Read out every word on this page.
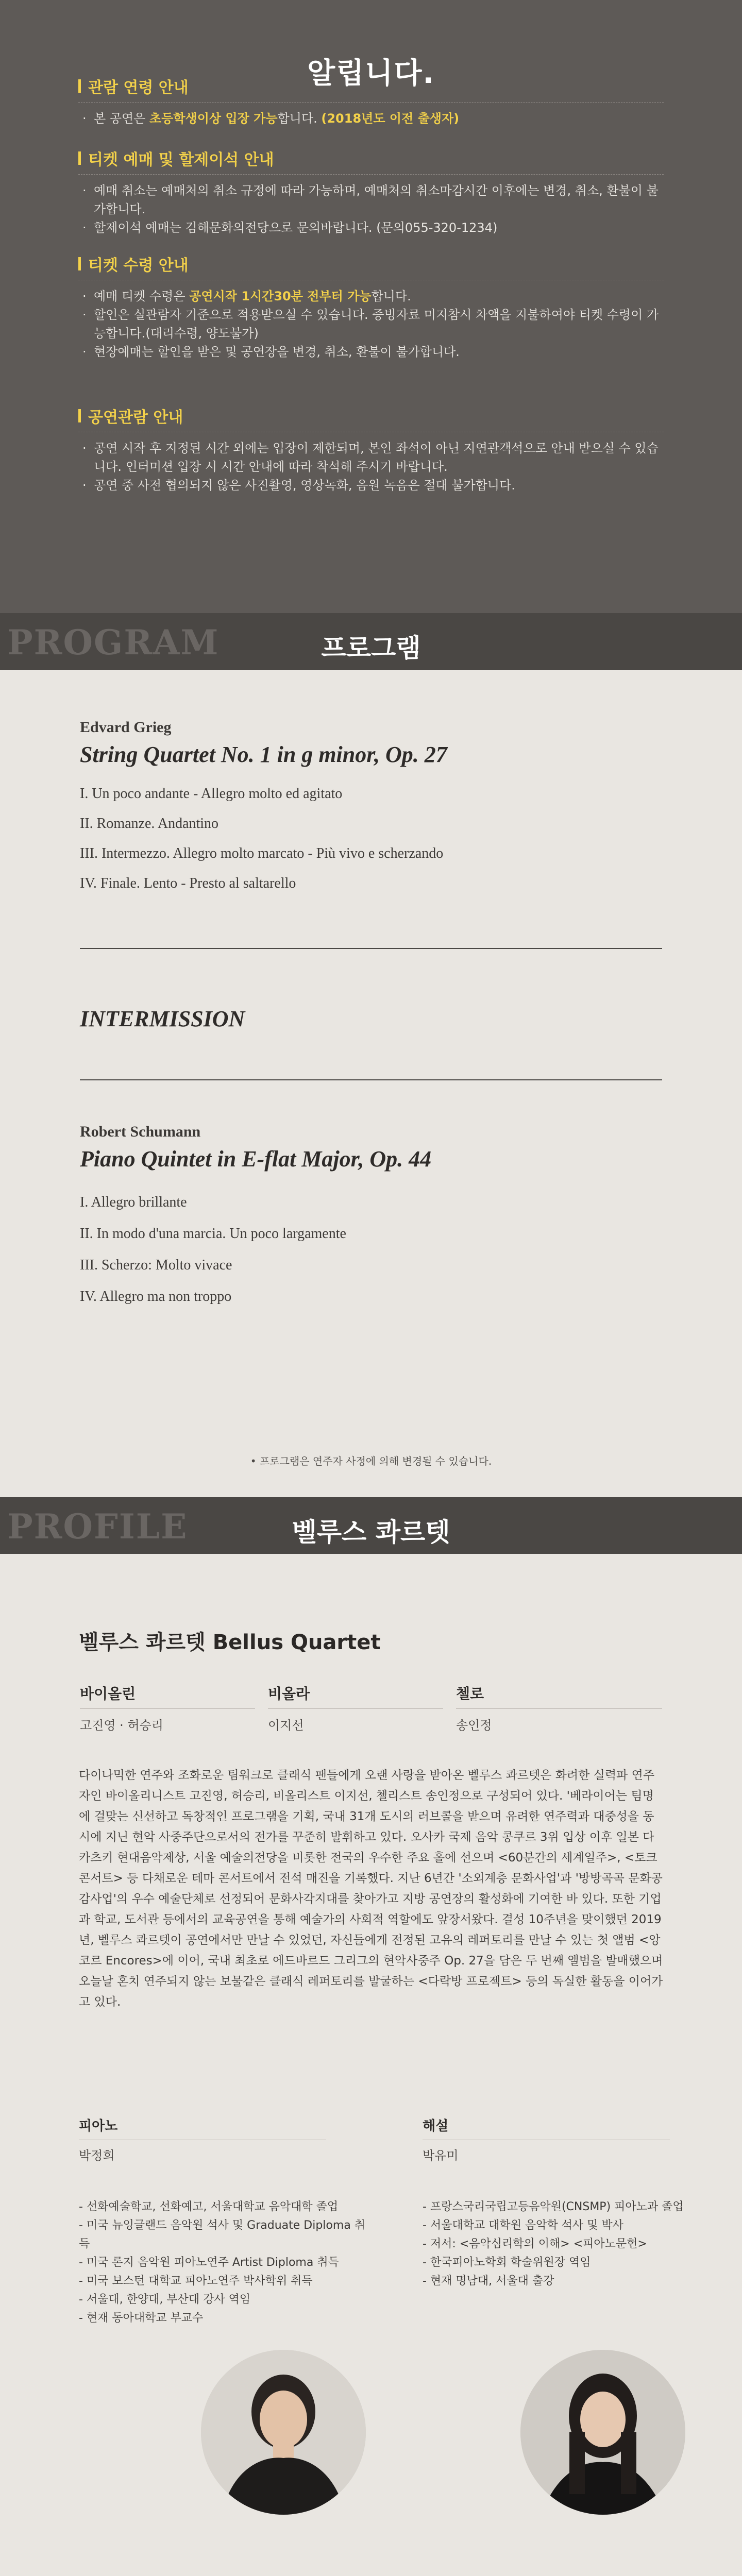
알립니다.
관람 연령 안내
· 본 공연은 초등학생이상 입장 가능합니다. (2018년도 이전 출생자)
티켓 예매 및 할제이석 안내
· 예매 취소는 예매처의 취소 규정에 따라 가능하며, 예매처의 취소마감시간 이후에는 변경, 취소, 환불이 불가합니다.
· 할제이석 예매는 김해문화의전당으로 문의바랍니다. (문의055-320-1234)
티켓 수령 안내
· 예매 티켓 수령은 공연시작 1시간30분 전부터 가능합니다.
· 할인은 실관람자 기준으로 적용받으실 수 있습니다. 증빙자료 미지참시 차액을 지불하여야 티켓 수령이 가능합니다.(대리수령, 양도불가)
· 현장예매는 할인을 받은 및 공연장을 변경, 취소, 환불이 불가합니다.
공연관람 안내
· 공연 시작 후 지정된 시간 외에는 입장이 제한되며, 본인 좌석이 아닌 지연관객석으로 안내 받으실 수 있습니다. 인터미션 입장 시 시간 안내에 따라 착석해 주시기 바랍니다.
· 공연 중 사전 협의되지 않은 사진촬영, 영상녹화, 음원 녹음은 절대 불가합니다.
PROGRAM	프로그램
Edvard Grieg
String Quartet No. 1 in g minor, Op. 27
I. Un poco andante - Allegro molto ed agitato
II. Romanze. Andantino
III. Intermezzo. Allegro molto marcato - Più vivo e scherzando
IV. Finale. Lento - Presto al saltarello
INTERMISSION
Robert Schumann
Piano Quintet in E-flat Major, Op. 44
I. Allegro brillante
II. In modo d'una marcia. Un poco largamente
III. Scherzo: Molto vivace
IV. Allegro ma non troppo
• 프로그램은 연주자 사정에 의해 변경될 수 있습니다.
PROFILE	벨루스 콰르텟
벨루스 콰르텟 Bellus Quartet
바이올린
고진영 · 허승리
비올라
이지선
첼로
송인정

다이나믹한 연주와 조화로운 팀워크로 클래식 팬들에게 오랜 사랑을 받아온 벨루스 콰르텟은 화려한 실력파 연주자인 바이올리니스트 고진영, 허승리, 비올리스트 이지선, 첼리스트 송인정으로 구성되어 있다. '베라이어는 팀명에 걸맞는 신선하고 독창적인 프로그램을 기획, 국내 31개 도시의 러브콜을 받으며 유려한 연주력과 대중성을 동시에 지닌 현악 사중주단으로서의 전가를 꾸준히 발휘하고 있다. 오사카 국제 음악 콩쿠르 3위 입상 이후 일본 다카츠키 현대음악제상, 서울 예술의전당을 비롯한 전국의 우수한 주요 홀에 선으며 <60분간의 세계일주>, <토크콘서트> 등 다채로운 테마 콘서트에서 전석 매진을 기록했다. 지난 6년간 '소외계층 문화사업'과 '방방곡곡 문화공감사업'의 우수 예술단체로 선정되어 문화사각지대를 찾아가고 지방 공연장의 활성화에 기여한 바 있다. 또한 기업과 학교, 도서관 등에서의 교육공연을 통해 예술가의 사회적 역할에도 앞장서왔다. 결성 10주년을 맞이했던 2019년, 벨루스 콰르텟이 공연에서만 만날 수 있었던, 자신들에게 전정된 고유의 레퍼토리를 만날 수 있는 첫 앨범 <앙코르 Encores>에 이어, 국내 최초로 에드바르드 그리그의 현악사중주 Op. 27을 담은 두 번째 앨범을 발매했으며 오늘날 혼치 연주되지 않는 보물같은 클래식 레퍼토리를 발굴하는 <다락방 프로젝트> 등의 독실한 활동을 이어가고 있다.

피아노
박정희
- 선화예술학교, 선화예고, 서울대학교 음악대학 졸업
- 미국 뉴잉글랜드 음악원 석사 및 Graduate Diploma 취득
- 미국 론지 음악원 피아노연주 Artist Diploma 취득
- 미국 보스턴 대학교 피아노연주 박사학위 취득
- 서울대, 한양대, 부산대 강사 역임
- 현재 동아대학교 부교수
해설
박유미
- 프랑스국리국립고등음악원(CNSMP) 피아노과 졸업
- 서울대학교 대학원 음악학 석사 및 박사
- 저서: <음악심리학의 이해> <피아노문헌>
- 한국피아노학회 학술위원장 역임
- 현재 명남대, 서울대 출강
